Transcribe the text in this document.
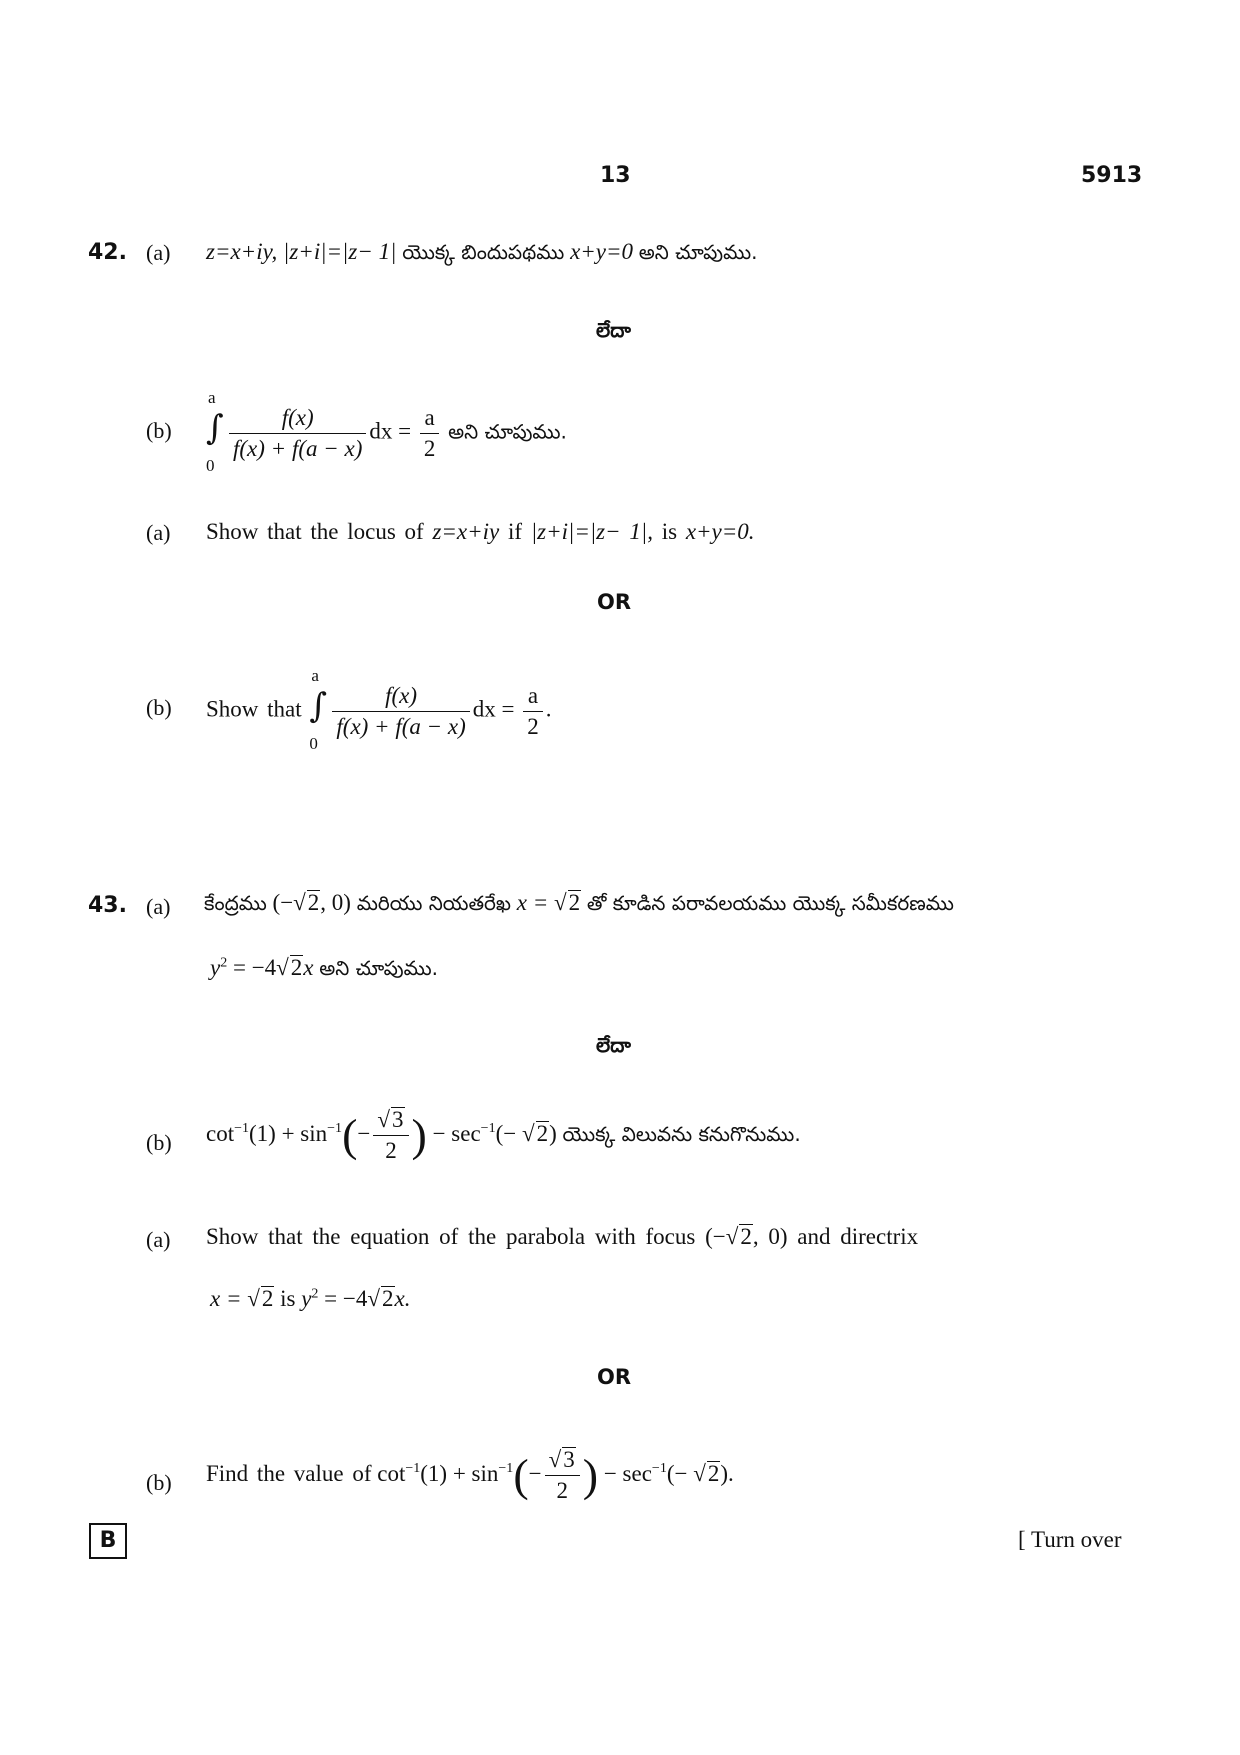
13	5913
42. (a) z=x+iy, |z+i|=|z− 1| యొక్క బిందుపథము x+y=0 అని చూపుము.
లేదా
(b)
a
∫
0
$\frac{f(x)}{f(x) + f(a - x)}$ dx = $\frac{a}{2}$ అని చూపుము.
(a) Show that the locus of z=x+iy if |z+i|=|z− 1|, is x+y=0.
OR
(b) Show that
a
∫
0
$\frac{f(x)}{f(x) + f(a - x)}$ dx = $\frac{a}{2}$ .
43. (a) కేంద్రము (−√2, 0) మరియు నియతరేఖ x = √2 తో కూడిన పరావలయము యొక్క సమీకరణము
$y^2 = -4√2x$ అని చూపుము.
లేదా
(b) $\cot^{-1}(1) + \sin^{-1}(- \frac{√3}{2}$ ) − $\sec^{-1}(- √2)$ యొక్క విలువను కనుగొనుము.
(a) Show that the equation of the parabola with focus (−√2, 0) and directrix
x = √2 is $y^2 = -4√2x$.
OR
(b) Find the value of $\cot^{-1}(1) + \sin^{-1}(- \frac{√3}{2}$ ) − $\sec^{-1}(- √2)$.
B	[ Turn over
